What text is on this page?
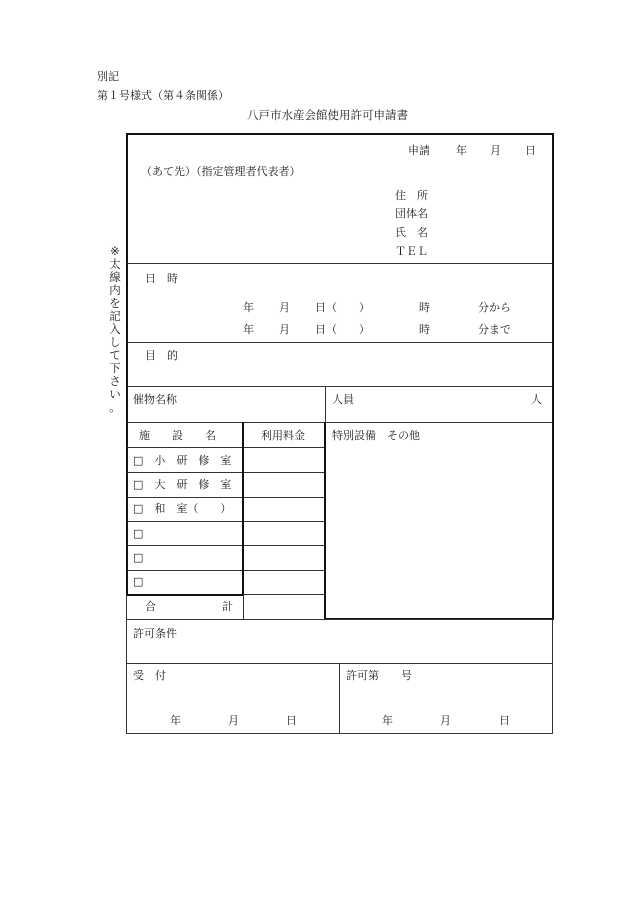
別記
第１号様式（第４条関係）
八戸市水産会館使用許可申請書
※
太
線
内
を
記
入
し
て
下
さ
い
。
申請 年 月 日
（あて先）（指定管理者代表者）
住　所
団体名
氏　名
ＴＥＬ
日　時
年 月 日（　　）	時	分から
年 月 日（　　）	時	分まで
目　的
催物名称	人員	人
施　　設　　名	利用料金
□　小　研　修　室
□　大　研　修　室
□　和　室（　　）
□
□
□
合　　　　　　計
特別設備　その他
許可条件
受　付
年	月	日
許可第　　号
年	月	日
